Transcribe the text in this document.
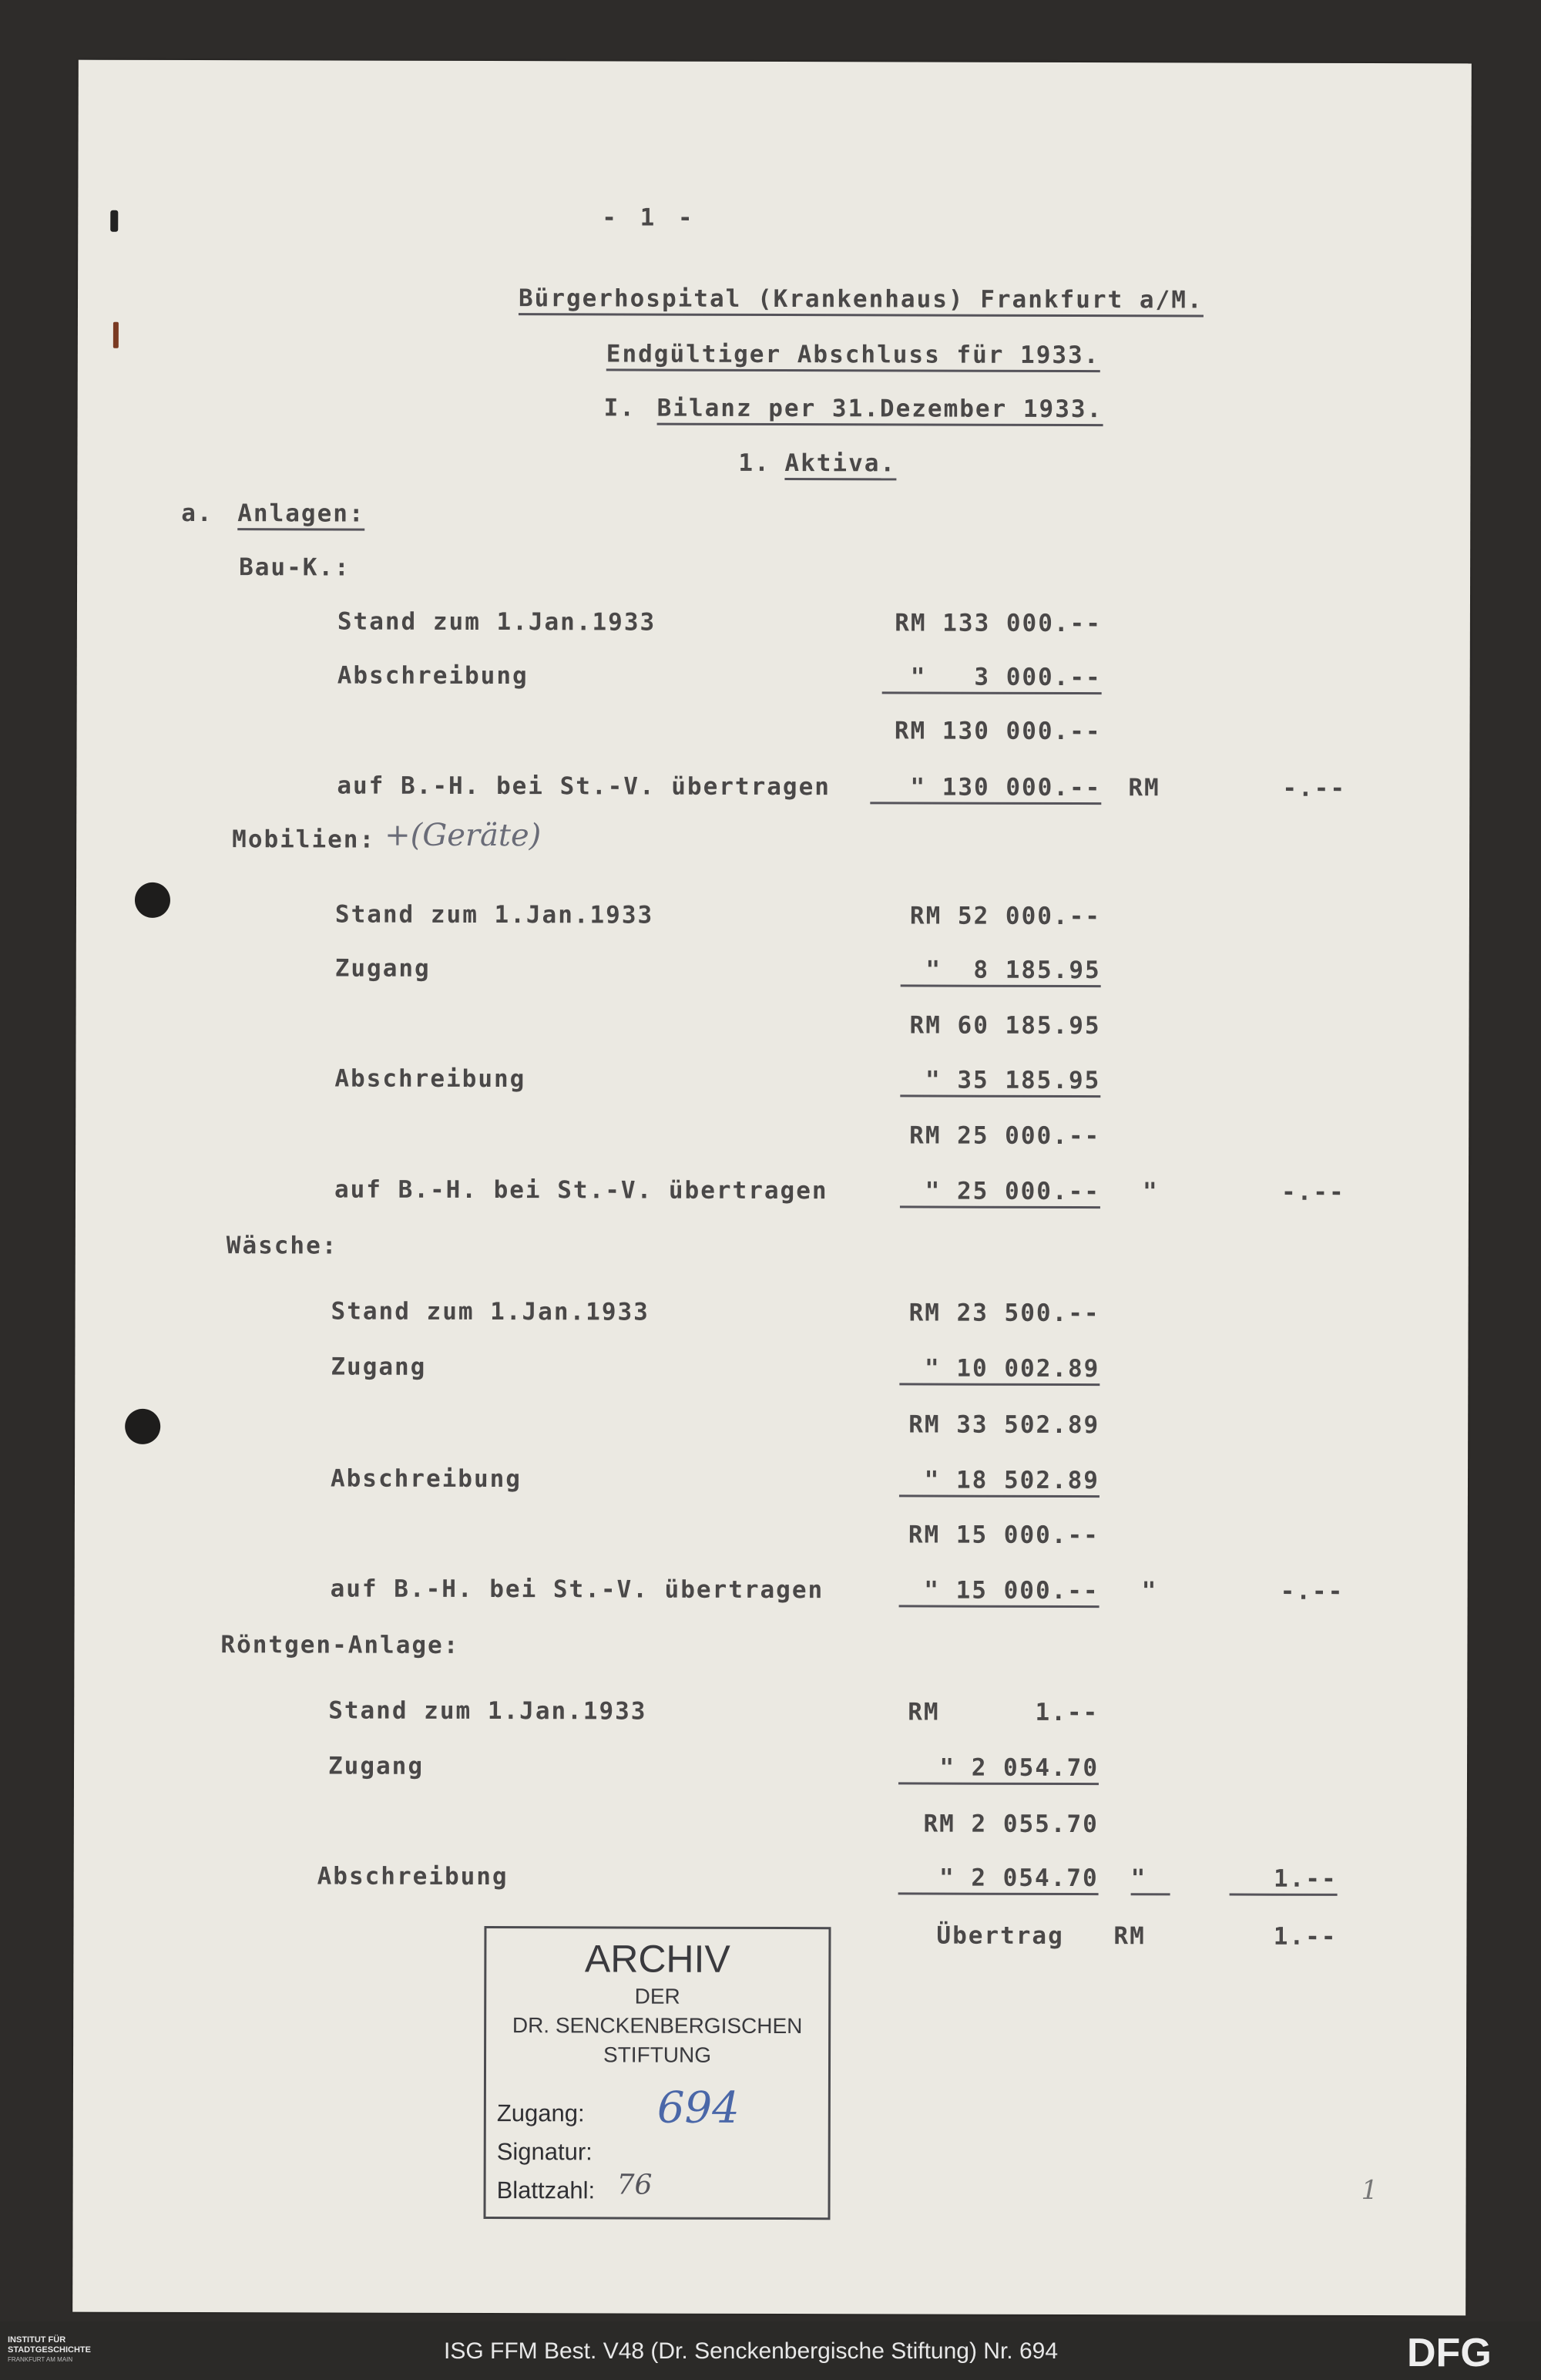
- 1 -
Bürgerhospital (Krankenhaus) Frankfurt a/M.
Endgültiger Abschluss für 1933.
I. Bilanz per 31.Dezember 1933.
1. Aktiva.
a. Anlagen:
Bau-K.:
Stand zum 1.Jan.1933	RM 133 000.--
Abschreibung	"   3 000.--
RM 130 000.--
auf B.-H. bei St.-V. übertragen	" 130 000.-- RM	-.--
Mobilien: +(Geräte)
Stand zum 1.Jan.1933	RM 52 000.--
Zugang	"  8 185.95
RM 60 185.95
Abschreibung	" 35 185.95
RM 25 000.--
auf B.-H. bei St.-V. übertragen	" 25 000.-- "	-.--
Wäsche:
Stand zum 1.Jan.1933	RM 23 500.--
Zugang	" 10 002.89
RM 33 502.89
Abschreibung	" 18 502.89
RM 15 000.--
auf B.-H. bei St.-V. übertragen	" 15 000.-- "	-.--
Röntgen-Anlage:
Stand zum 1.Jan.1933	RM      1.--
Zugang	" 2 054.70
RM 2 055.70
Abschreibung	" 2 054.70 "	1.--
Übertrag RM	1.--
ARCHIV
DER
DR. SENCKENBERGISCHEN
STIFTUNG
Zugang: 694
Signatur:
Blattzahl: 76	1
INSTITUT FÜR
STADTGESCHICHTE
FRANKFURT AM MAIN	ISG FFM Best. V48 (Dr. Senckenbergische Stiftung) Nr. 694	DFG
